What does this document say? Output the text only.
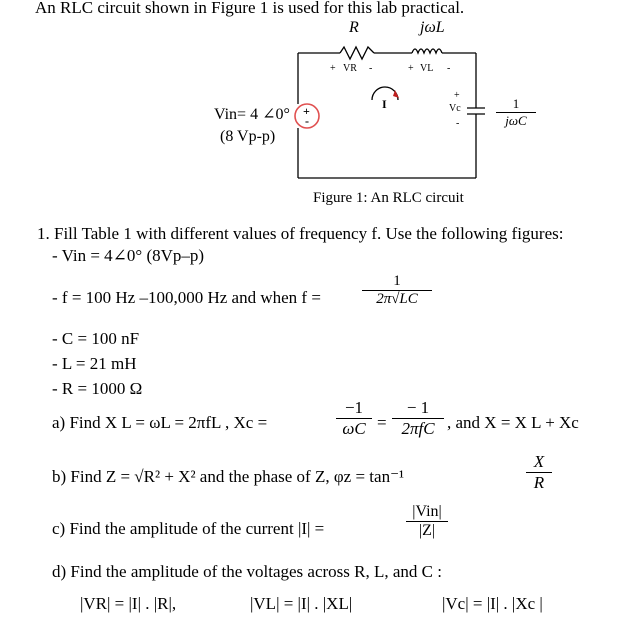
An RLC circuit shown in Figure 1 is used for this lab practical.
R	jωL
+ VR -	+ VL -
+
Vc
-
1
jωC
I
+
-
Vin= 4 ∠0°
(8 Vp-p)
Figure 1: An RLC circuit
1. Fill Table 1 with different values of frequency f. Use the following figures:
- Vin = 4∠0° (8Vp–p)
- f = 100 Hz –100,000 Hz and when f =	$\frac{1}{2\pi√LC}$
- C = 100 nF
- L = 21 mH
- R = 1000 Ω
a) Find X L = ωL = 2πfL , Xc =	$\frac{-1}{\omega C}$ =
− 1
2πfC , and X = X L + Xc
b) Find Z = √R² + X² and the phase of Z, φz = tan⁻¹	$\frac{X}{R}$
c) Find the amplitude of the current |I| =
|Vin|
|Z|
d) Find the amplitude of the voltages across R, L, and C :
|VR| = |I| . |R|,	|VL| = |I| . |XL|	|Vc| = |I| . |Xc |
